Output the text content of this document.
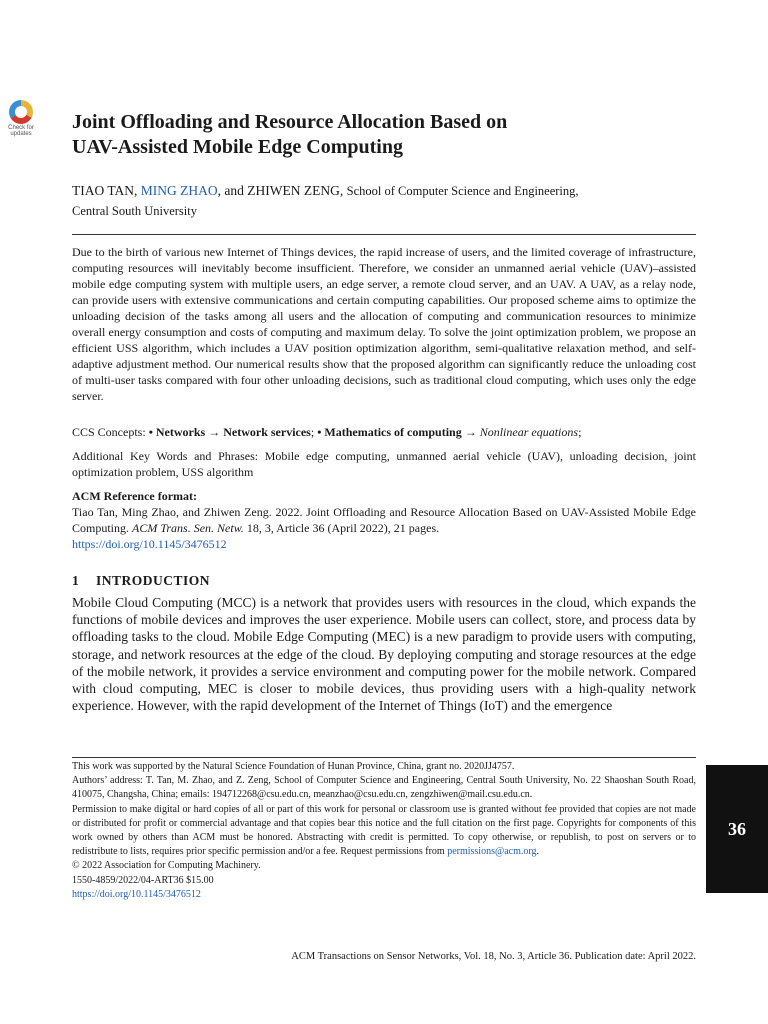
Check for
updates
Joint Offloading and Resource Allocation Based on
UAV-Assisted Mobile Edge Computing
TIAO TAN, MING ZHAO, and ZHIWEN ZENG, School of Computer Science and Engineering,
Central South University

Due to the birth of various new Internet of Things devices, the rapid increase of users, and the limited coverage of infrastructure, computing resources will inevitably become insufficient. Therefore, we consider an unmanned aerial vehicle (UAV)–assisted mobile edge computing system with multiple users, an edge server, a remote cloud server, and an UAV. A UAV, as a relay node, can provide users with extensive communications and certain computing capabilities. Our proposed scheme aims to optimize the unloading decision of the tasks among all users and the allocation of computing and communication resources to minimize overall energy consumption and costs of computing and maximum delay. To solve the joint optimization problem, we propose an efficient USS algorithm, which includes a UAV position optimization algorithm, semi-qualitative relaxation method, and self-adaptive adjustment method. Our numerical results show that the proposed algorithm can significantly reduce the unloading cost of multi-user tasks compared with four other unloading decisions, such as traditional cloud computing, which uses only the edge server.

CCS Concepts: • Networks → Network services; • Mathematics of computing → Nonlinear equations;
Additional Key Words and Phrases: Mobile edge computing, unmanned aerial vehicle (UAV), unloading decision, joint optimization problem, USS algorithm
ACM Reference format:
Tiao Tan, Ming Zhao, and Zhiwen Zeng. 2022. Joint Offloading and Resource Allocation Based on UAV-Assisted Mobile Edge Computing. ACM Trans. Sen. Netw. 18, 3, Article 36 (April 2022), 21 pages.
https://doi.org/10.1145/3476512
1 INTRODUCTION

Mobile Cloud Computing (MCC) is a network that provides users with resources in the cloud, which expands the functions of mobile devices and improves the user experience. Mobile users can collect, store, and process data by offloading tasks to the cloud. Mobile Edge Computing (MEC) is a new paradigm to provide users with computing, storage, and network resources at the edge of the cloud. By deploying computing and storage resources at the edge of the mobile network, it provides a service environment and computing power for the mobile network. Compared with cloud computing, MEC is closer to mobile devices, thus providing users with a high-quality network experience. However, with the rapid development of the Internet of Things (IoT) and the emergence

This work was supported by the Natural Science Foundation of Hunan Province, China, grant no. 2020JJ4757.

Authors’ address: T. Tan, M. Zhao, and Z. Zeng, School of Computer Science and Engineering, Central South University, No. 22 Shaoshan South Road, 410075, Changsha, China; emails: 194712268@csu.edu.cn, meanzhao@csu.edu.cn, zengzhiwen@mail.csu.edu.cn.

Permission to make digital or hard copies of all or part of this work for personal or classroom use is granted without fee provided that copies are not made or distributed for profit or commercial advantage and that copies bear this notice and the full citation on the first page. Copyrights for components of this work owned by others than ACM must be honored. Abstracting with credit is permitted. To copy otherwise, or republish, to post on servers or to redistribute to lists, requires prior specific permission and/or a fee. Request permissions from permissions@acm.org.

© 2022 Association for Computing Machinery.

1550-4859/2022/04-ART36 $15.00

https://doi.org/10.1145/3476512

ACM Transactions on Sensor Networks, Vol. 18, No. 3, Article 36. Publication date: April 2022.
36
